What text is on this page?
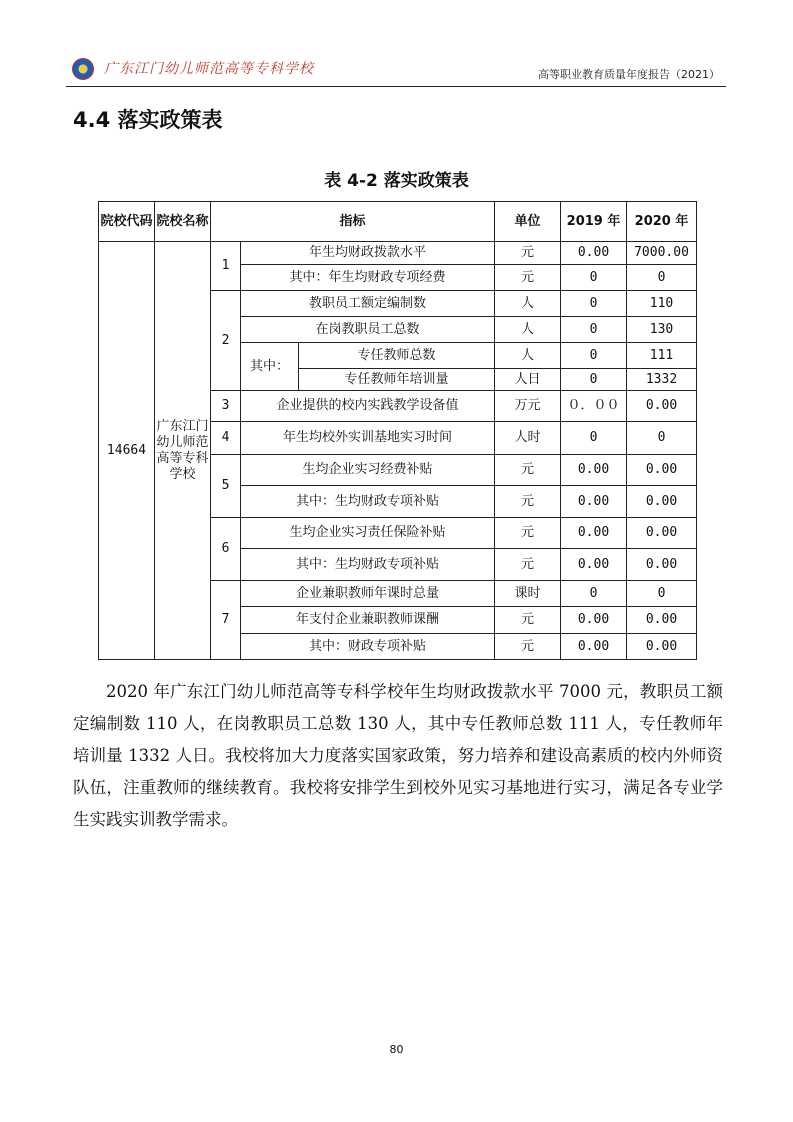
广东江门幼儿师范高等专科学校	高等职业教育质量年度报告（2021）
4.4 落实政策表
表 4-2 落实政策表
院校代码	院校名称	指标			单位	2019 年	2020 年
14664	广东江门幼儿师范高等专科学校	1	年生均财政拨款水平		元	0.00	7000.00
			其中：年生均财政专项经费		元	0	0
		2	教职员工额定编制数		人	0	110
			在岗教职员工总数		人	0	130
			其中：	专任教师总数	人	0	111
				专任教师年培训量	人日	0	1332
		3	企业提供的校内实践教学设备值		万元	０．００	0.00
		4	年生均校外实训基地实习时间		人时	0	0
		5	生均企业实习经费补贴		元	0.00	0.00
			其中：生均财政专项补贴		元	0.00	0.00
		6	生均企业实习责任保险补贴		元	0.00	0.00
			其中：生均财政专项补贴		元	0.00	0.00
		7	企业兼职教师年课时总量		课时	0	0
			年支付企业兼职教师课酬		元	0.00	0.00
			其中：财政专项补贴		元	0.00	0.00

2020 年广东江门幼儿师范高等专科学校年生均财政拨款水平 7000 元，教职员工额定编制数 110 人，在岗教职员工总数 130 人，其中专任教师总数 111 人，专任教师年培训量 1332 人日。我校将加大力度落实国家政策，努力培养和建设高素质的校内外师资队伍，注重教师的继续教育。我校将安排学生到校外见实习基地进行实习，满足各专业学生实践实训教学需求。

80
